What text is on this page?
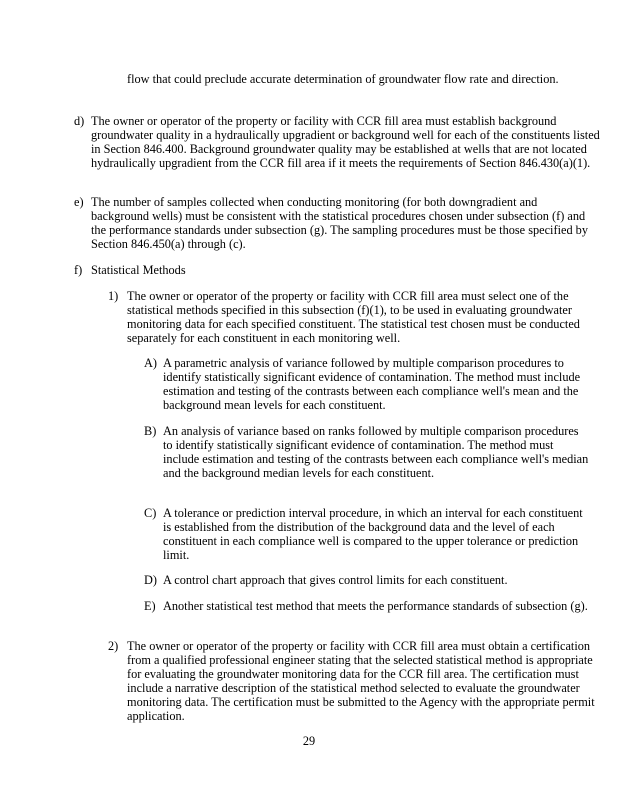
flow that could preclude accurate determination of groundwater flow rate and direction.

d) The owner or operator of the property or facility with CCR fill area must establish background groundwater quality in a hydraulically upgradient or background well for each of the constituents listed in Section 846.400. Background groundwater quality may be established at wells that are not located hydraulically upgradient from the CCR fill area if it meets the requirements of Section 846.430(a)(1).

e) The number of samples collected when conducting monitoring (for both downgradient and background wells) must be consistent with the statistical procedures chosen under subsection (f) and the performance standards under subsection (g). The sampling procedures must be those specified by Section 846.450(a) through (c).

f) Statistical Methods

1) The owner or operator of the property or facility with CCR fill area must select one of the statistical methods specified in this subsection (f)(1), to be used in evaluating groundwater monitoring data for each specified constituent. The statistical test chosen must be conducted separately for each constituent in each monitoring well.

A) A parametric analysis of variance followed by multiple comparison procedures to identify statistically significant evidence of contamination. The method must include estimation and testing of the contrasts between each compliance well's mean and the background mean levels for each constituent.

B) An analysis of variance based on ranks followed by multiple comparison procedures to identify statistically significant evidence of contamination. The method must include estimation and testing of the contrasts between each compliance well's median and the background median levels for each constituent.

C) A tolerance or prediction interval procedure, in which an interval for each constituent is established from the distribution of the background data and the level of each constituent in each compliance well is compared to the upper tolerance or prediction limit.

D) A control chart approach that gives control limits for each constituent.

E) Another statistical test method that meets the performance standards of subsection (g).

2) The owner or operator of the property or facility with CCR fill area must obtain a certification from a qualified professional engineer stating that the selected statistical method is appropriate for evaluating the groundwater monitoring data for the CCR fill area. The certification must include a narrative description of the statistical method selected to evaluate the groundwater monitoring data. The certification must be submitted to the Agency with the appropriate permit application.

29
